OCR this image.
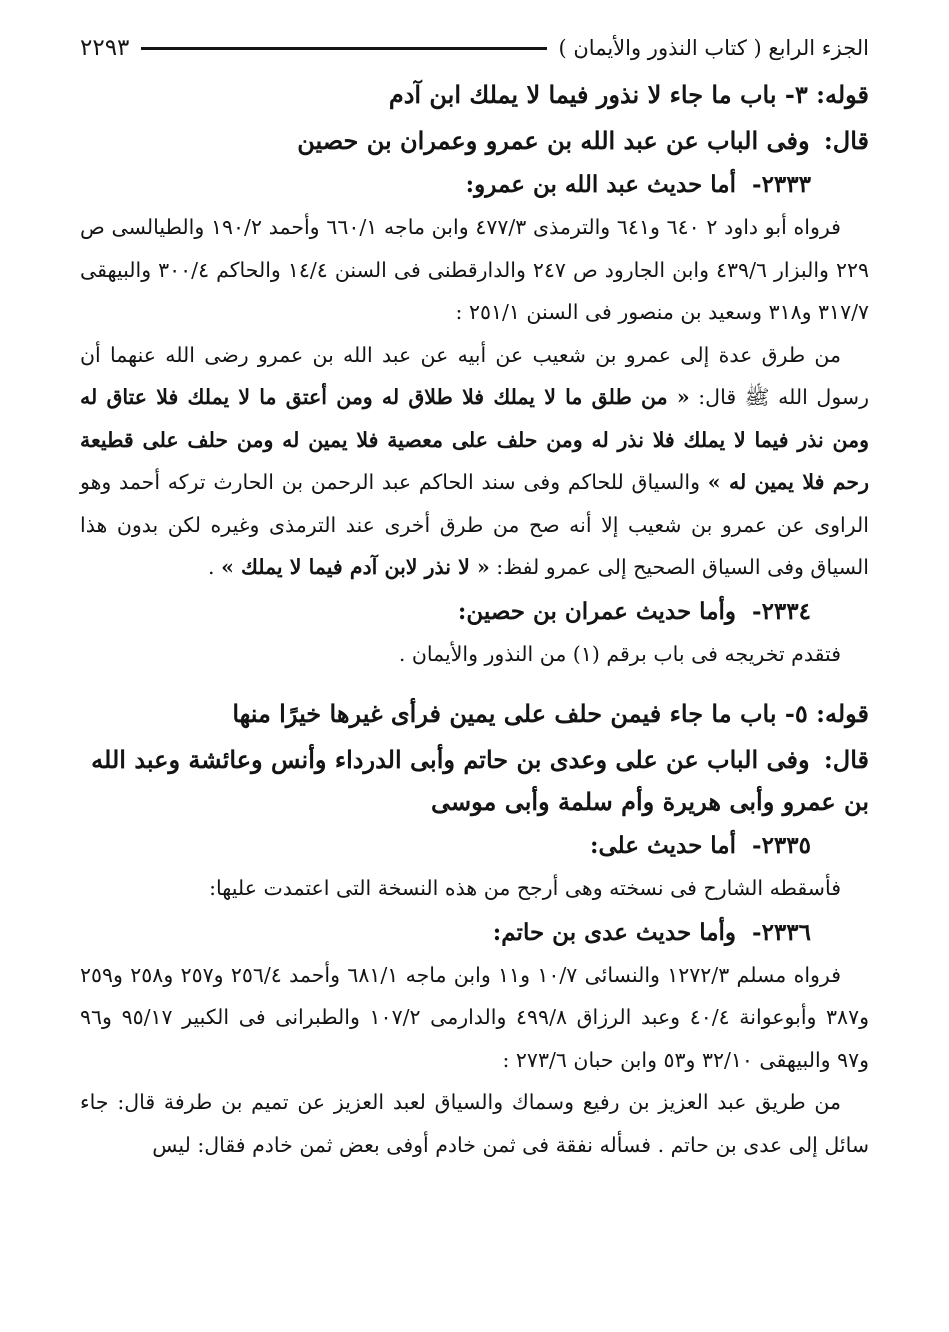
الجزء الرابع ( كتاب النذور والأيمان )
٢٢٩٣
قوله: ٣- باب ما جاء لا نذور فيما لا يملك ابن آدم
قال: وفى الباب عن عبد الله بن عمرو وعمران بن حصين
٢٣٣٣- أما حديث عبد الله بن عمرو:

فرواه أبو داود ٢ ٦٤٠ و٦٤١ والترمذى ٤٧٧/٣ وابن ماجه ٦٦٠/١ وأحمد ١٩٠/٢ والطيالسى ص ٢٢٩ والبزار ٤٣٩/٦ وابن الجارود ص ٢٤٧ والدارقطنى فى السنن ١٤/٤ والحاكم ٣٠٠/٤ والبيهقى ٣١٧/٧ و٣١٨ وسعيد بن منصور فى السنن ٢٥١/١ :

من طرق عدة إلى عمرو بن شعيب عن أبيه عن عبد الله بن عمرو رضى الله عنهما أن رسول الله ﷺ قال: « من طلق ما لا يملك فلا طلاق له ومن أعتق ما لا يملك فلا عتاق له ومن نذر فيما لا يملك فلا نذر له ومن حلف على معصية فلا يمين له ومن حلف على قطيعة رحم فلا يمين له » والسياق للحاكم وفى سند الحاكم عبد الرحمن بن الحارث تركه أحمد وهو الراوى عن عمرو بن شعيب إلا أنه صح من طرق أخرى عند الترمذى وغيره لكن بدون هذا السياق وفى السياق الصحيح إلى عمرو لفظ: « لا نذر لابن آدم فيما لا يملك » .

٢٣٣٤- وأما حديث عمران بن حصين:

فتقدم تخريجه فى باب برقم (١) من النذور والأيمان .

قوله: ٥- باب ما جاء فيمن حلف على يمين فرأى غيرها خيرًا منها
قال: وفى الباب عن على وعدى بن حاتم وأبى الدرداء وأنس وعائشة وعبد الله بن عمرو وأبى هريرة وأم سلمة وأبى موسى
٢٣٣٥- أما حديث على:

فأسقطه الشارح فى نسخته وهى أرجح من هذه النسخة التى اعتمدت عليها:

٢٣٣٦- وأما حديث عدى بن حاتم:

فرواه مسلم ١٢٧٢/٣ والنسائى ١٠/٧ و١١ وابن ماجه ٦٨١/١ وأحمد ٢٥٦/٤ و٢٥٧ و٢٥٨ و٢٥٩ و٣٨٧ وأبوعوانة ٤٠/٤ وعبد الرزاق ٤٩٩/٨ والدارمى ١٠٧/٢ والطبرانى فى الكبير ٩٥/١٧ و٩٦ و٩٧ والبيهقى ٣٢/١٠ و٥٣ وابن حبان ٢٧٣/٦ :

من طريق عبد العزيز بن رفيع وسماك والسياق لعبد العزيز عن تميم بن طرفة قال: جاء سائل إلى عدى بن حاتم . فسأله نفقة فى ثمن خادم أوفى بعض ثمن خادم فقال: ليس
